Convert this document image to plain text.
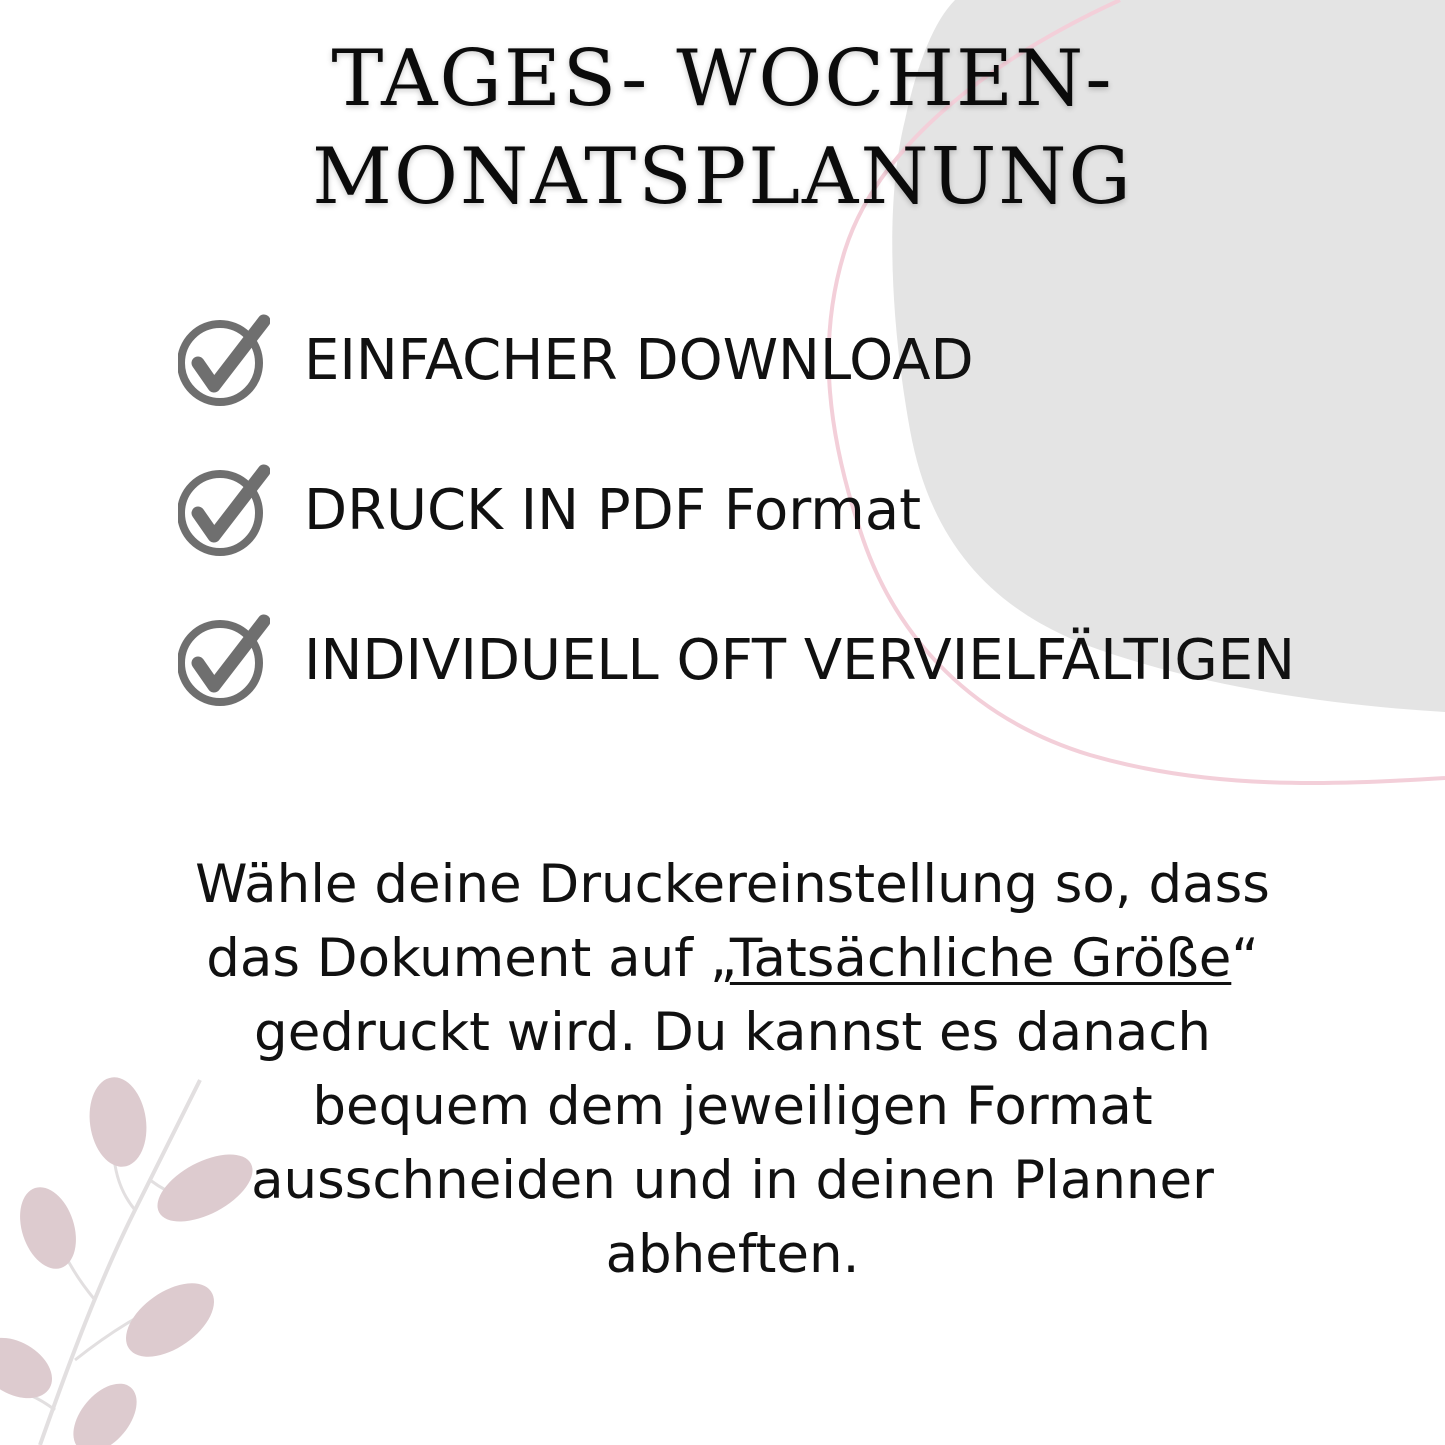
TAGES- WOCHEN-
MONATSPLANUNG
EINFACHER DOWNLOAD
DRUCK IN PDF Format
INDIVIDUELL OFT VERVIELFÄLTIGEN
Wähle deine Druckereinstellung so, dass
das Dokument auf „Tatsächliche Größe“
gedruckt wird. Du kannst es danach
bequem dem jeweiligen Format
ausschneiden und in deinen Planner
abheften.
